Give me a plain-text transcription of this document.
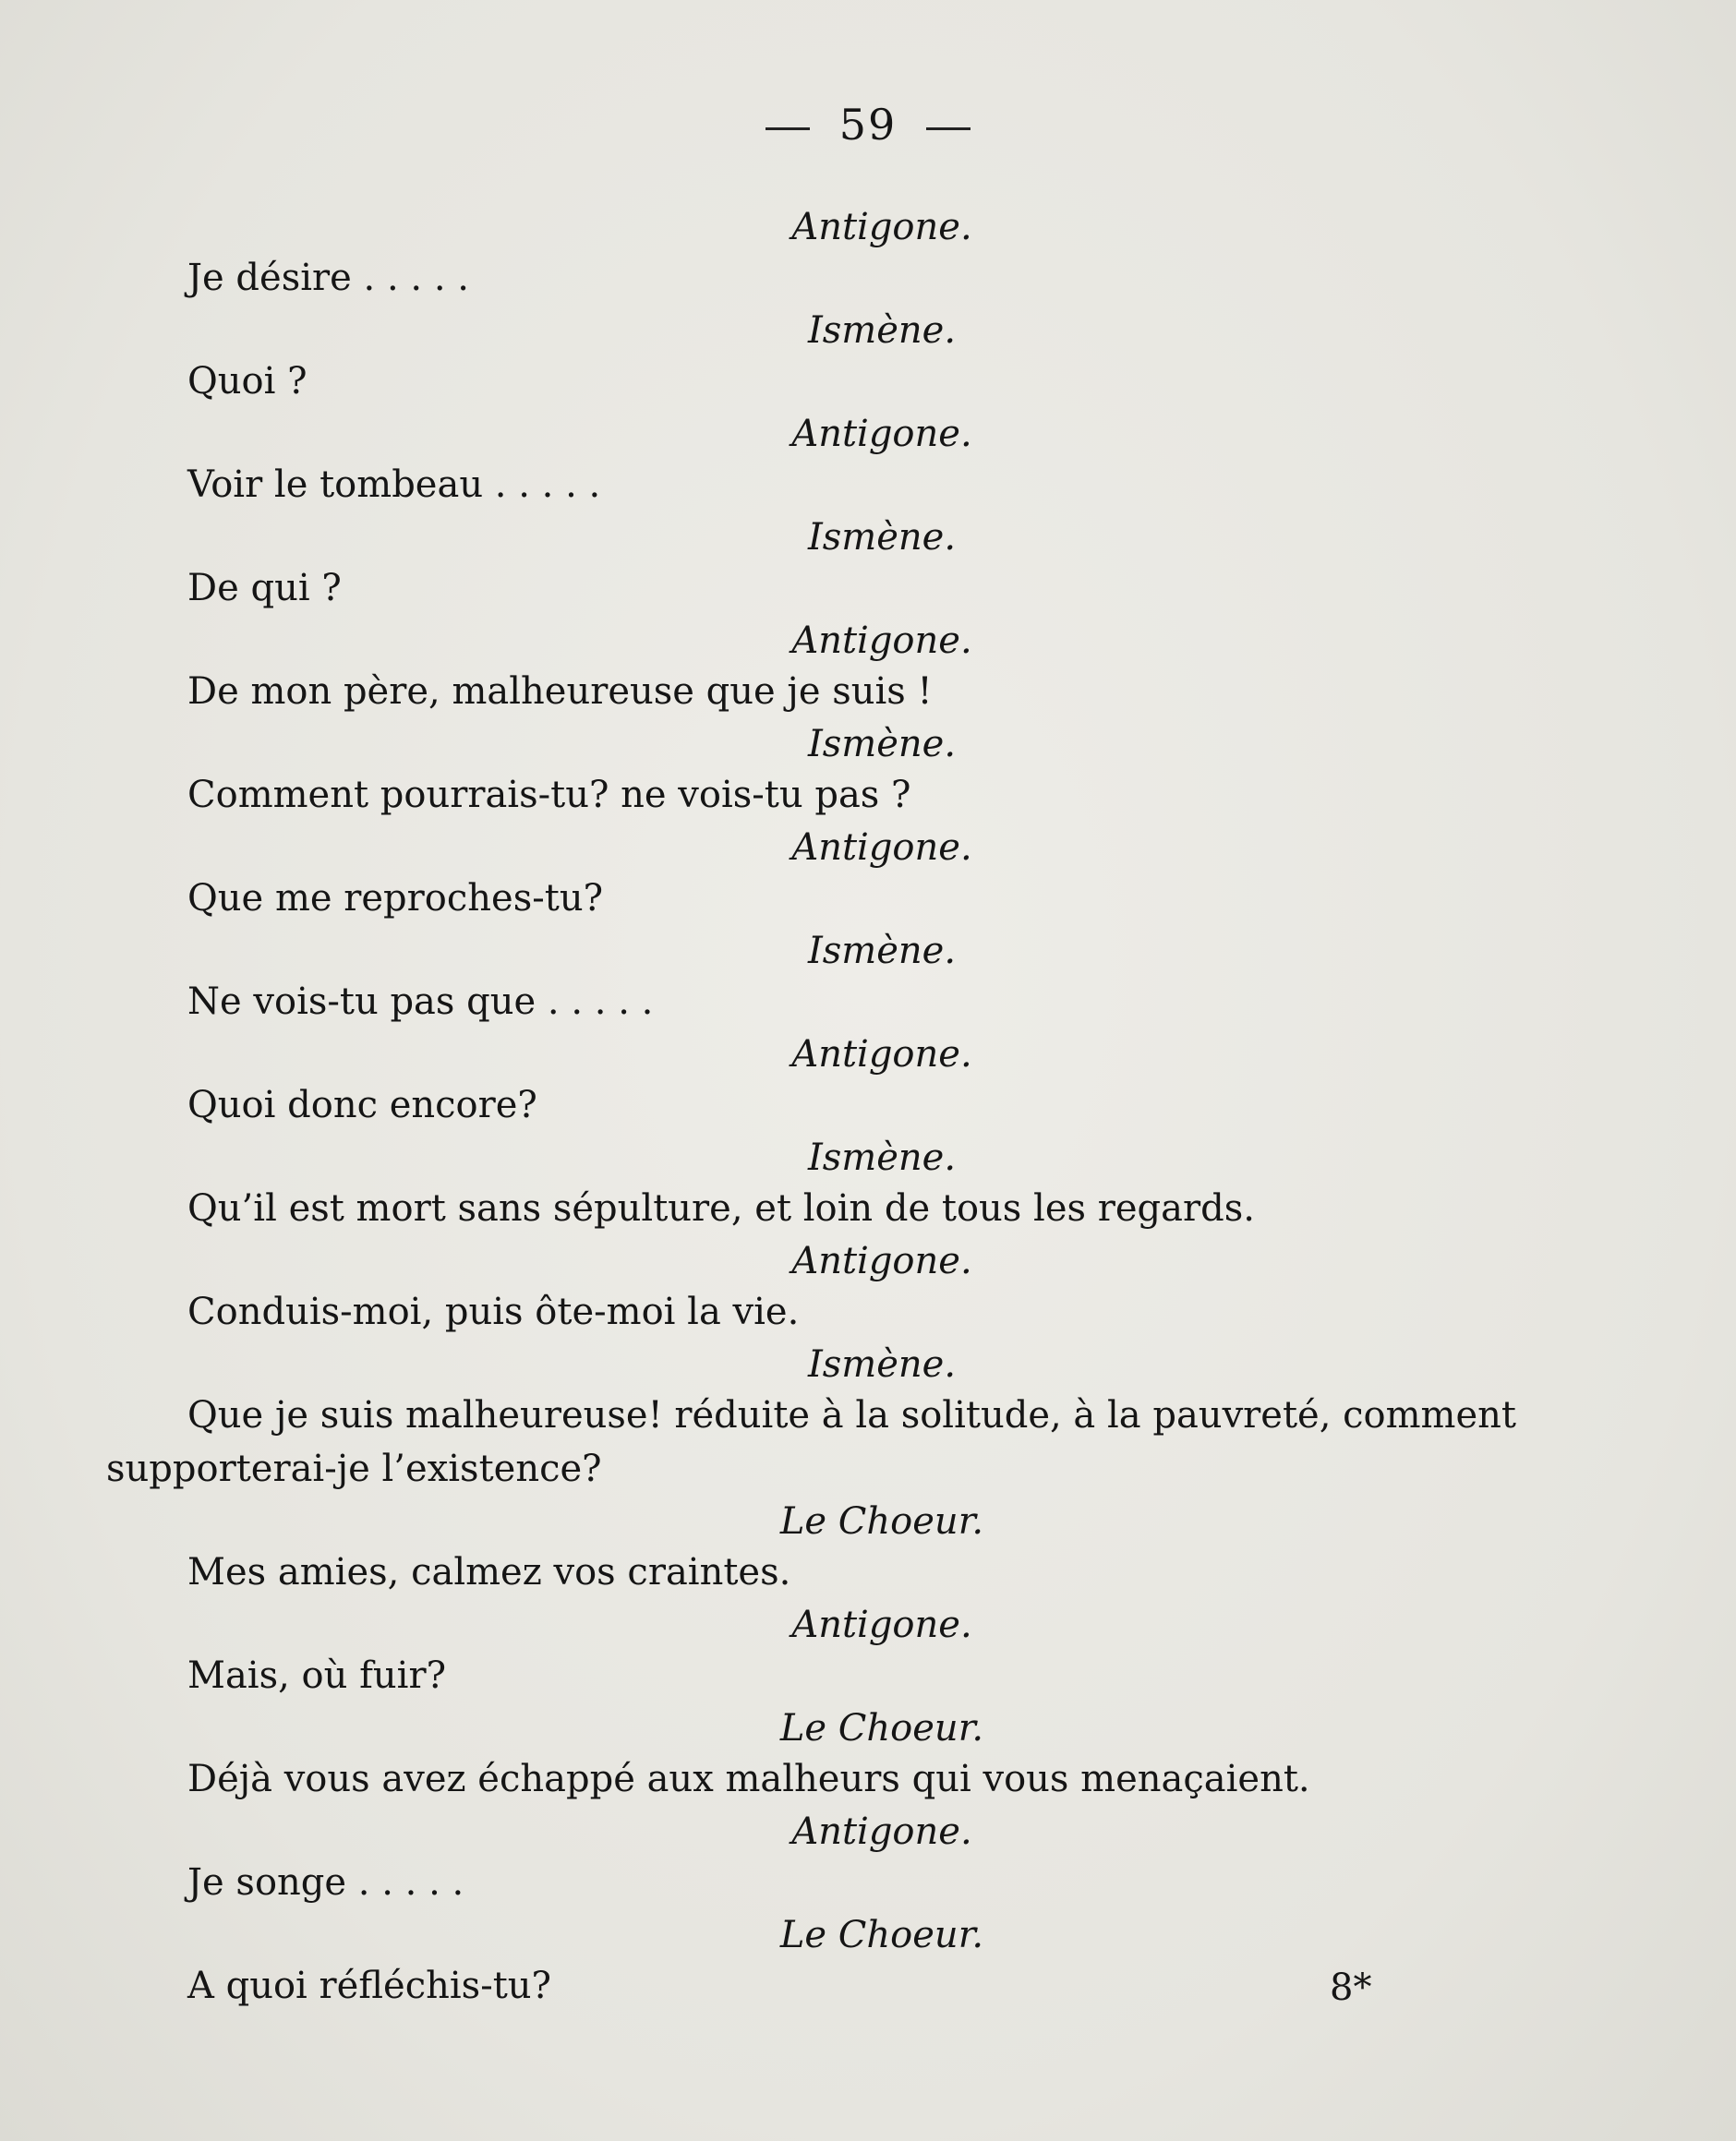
59
Antigone.
Je désire . . . . .
Ismène.
Quoi ?
Antigone.
Voir le tombeau . . . . .
Ismène.
De qui ?
Antigone.
De mon père, malheureuse que je suis !
Ismène.
Comment pourrais-tu? ne vois-tu pas ?
Antigone.
Que me reproches-tu?
Ismène.
Ne vois-tu pas que . . . . .
Antigone.
Quoi donc encore?
Ismène.
Qu’il est mort sans sépulture, et loin de tous les regards.
Antigone.
Conduis-moi, puis ôte-moi la vie.
Ismène.
Que je suis malheureuse! réduite à la solitude, à la pauvreté, comment supporterai-je l’existence?
Le Choeur.
Mes amies, calmez vos craintes.
Antigone.
Mais, où fuir?
Le Choeur.
Déjà vous avez échappé aux malheurs qui vous menaçaient.
Antigone.
Je songe . . . . .
Le Choeur.
A quoi réfléchis-tu?	8*
